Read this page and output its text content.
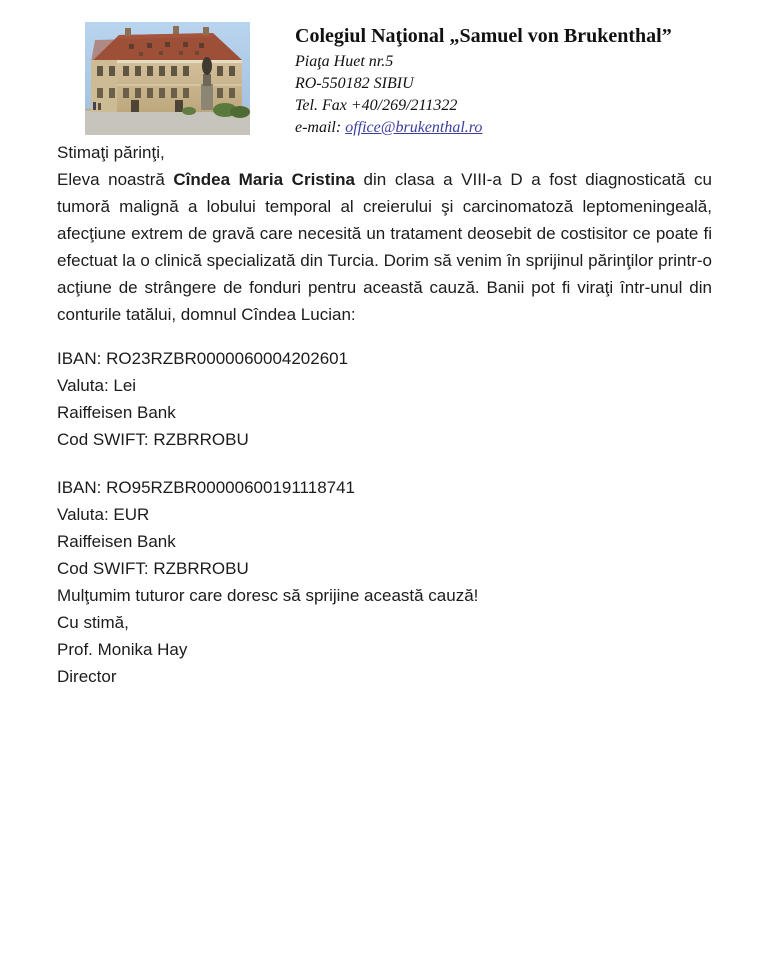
Colegiul Naţional „Samuel von Brukenthal”
Piaţa Huet nr.5
RO-550182 SIBIU
Tel. Fax +40/269/211322
e-mail: office@brukenthal.ro

Stimaţi părinţi,

Eleva noastră Cîndea Maria Cristina din clasa a VIII-a D a fost diagnosticată cu tumoră malignă a lobului temporal al creierului şi carcinomatoză leptomeningeală, afecţiune extrem de gravă care necesită un tratament deosebit de costisitor ce poate fi efectuat la o clinică specializată din Turcia. Dorim să venim în sprijinul părinţilor printr-o acţiune de strângere de fonduri pentru această cauză. Banii pot fi viraţi într-unul din conturile tatălui, domnul Cîndea Lucian:

IBAN: RO23RZBR0000060004202601
Valuta: Lei
Raiffeisen Bank
Cod SWIFT: RZBRROBU
IBAN: RO95RZBR00000600191118741
Valuta: EUR
Raiffeisen Bank
Cod SWIFT: RZBRROBU

Mulţumim tuturor care doresc să sprijine această cauză!

Cu stimă,

Prof. Monika Hay

Director
